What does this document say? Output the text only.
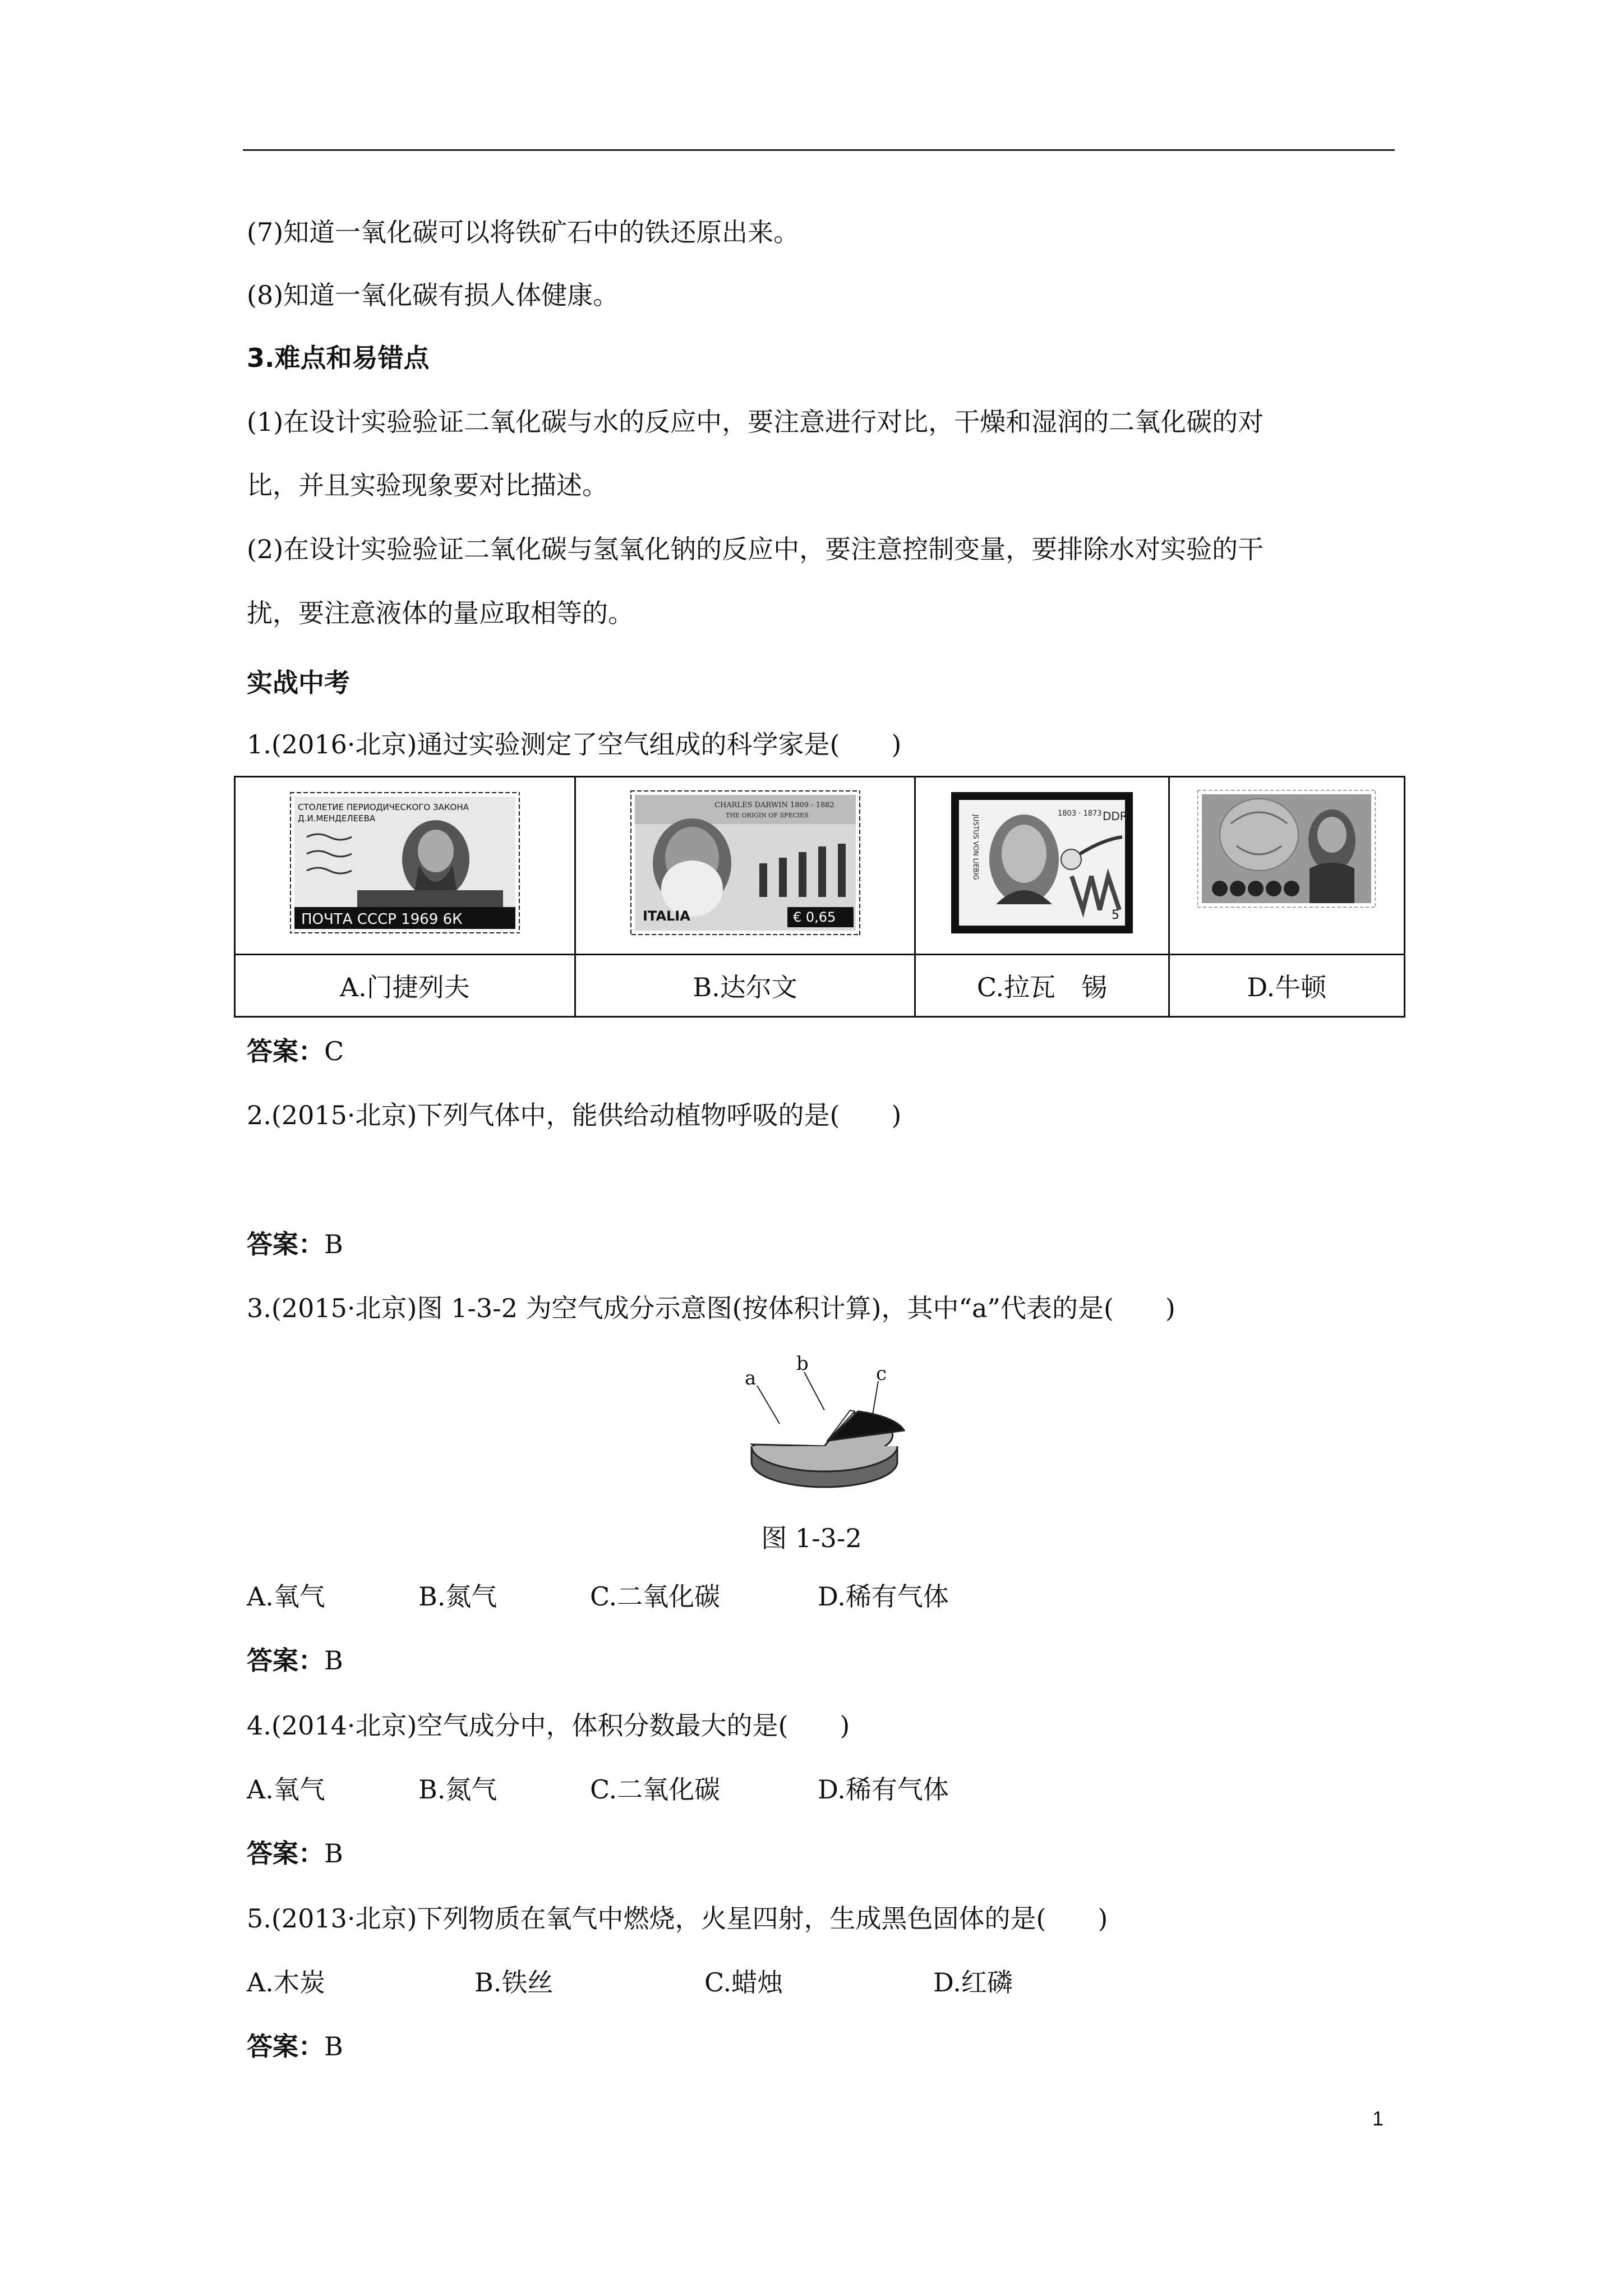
(7)知道一氧化碳可以将铁矿石中的铁还原出来。
(8)知道一氧化碳有损人体健康。
3.难点和易错点
(1)在设计实验验证二氧化碳与水的反应中，要注意进行对比，干燥和湿润的二氧化碳的对
比，并且实验现象要对比描述。
(2)在设计实验验证二氧化碳与氢氧化钠的反应中，要注意控制变量，要排除水对实验的干
扰，要注意液体的量应取相等的。
实战中考
1.(2016·北京)通过实验测定了空气组成的科学家是(　　)
СТОЛЕТИЕ ПЕРИОДИЧЕСКОГО ЗАКОНА
Д.И.МЕНДЕЛЕЕВА
ПОЧТА СССР 1969 6К	CHARLES DARWIN 1809 - 1882
THE ORIGIN OF SPECIES
ITALIA € 0,65	1803 · 1873 DDR
JUSTUS VON LIEBIG
5

A.门捷列夫	B.达尔文	C.拉瓦　锡	D.牛顿
答案：C
2.(2015·北京)下列气体中，能供给动植物呼吸的是(　　)
答案：B
3.(2015·北京)图 1-3-2 为空气成分示意图(按体积计算)，其中“a”代表的是(　　)
a
b	c
图 1-3-2
A.氧气	B.氮气	C.二氧化碳	D.稀有气体
答案：B
4.(2014·北京)空气成分中，体积分数最大的是(　　)
A.氧气	B.氮气	C.二氧化碳	D.稀有气体
答案：B
5.(2013·北京)下列物质在氧气中燃烧，火星四射，生成黑色固体的是(　　)
A.木炭	B.铁丝	C.蜡烛	D.红磷
答案：B
1
